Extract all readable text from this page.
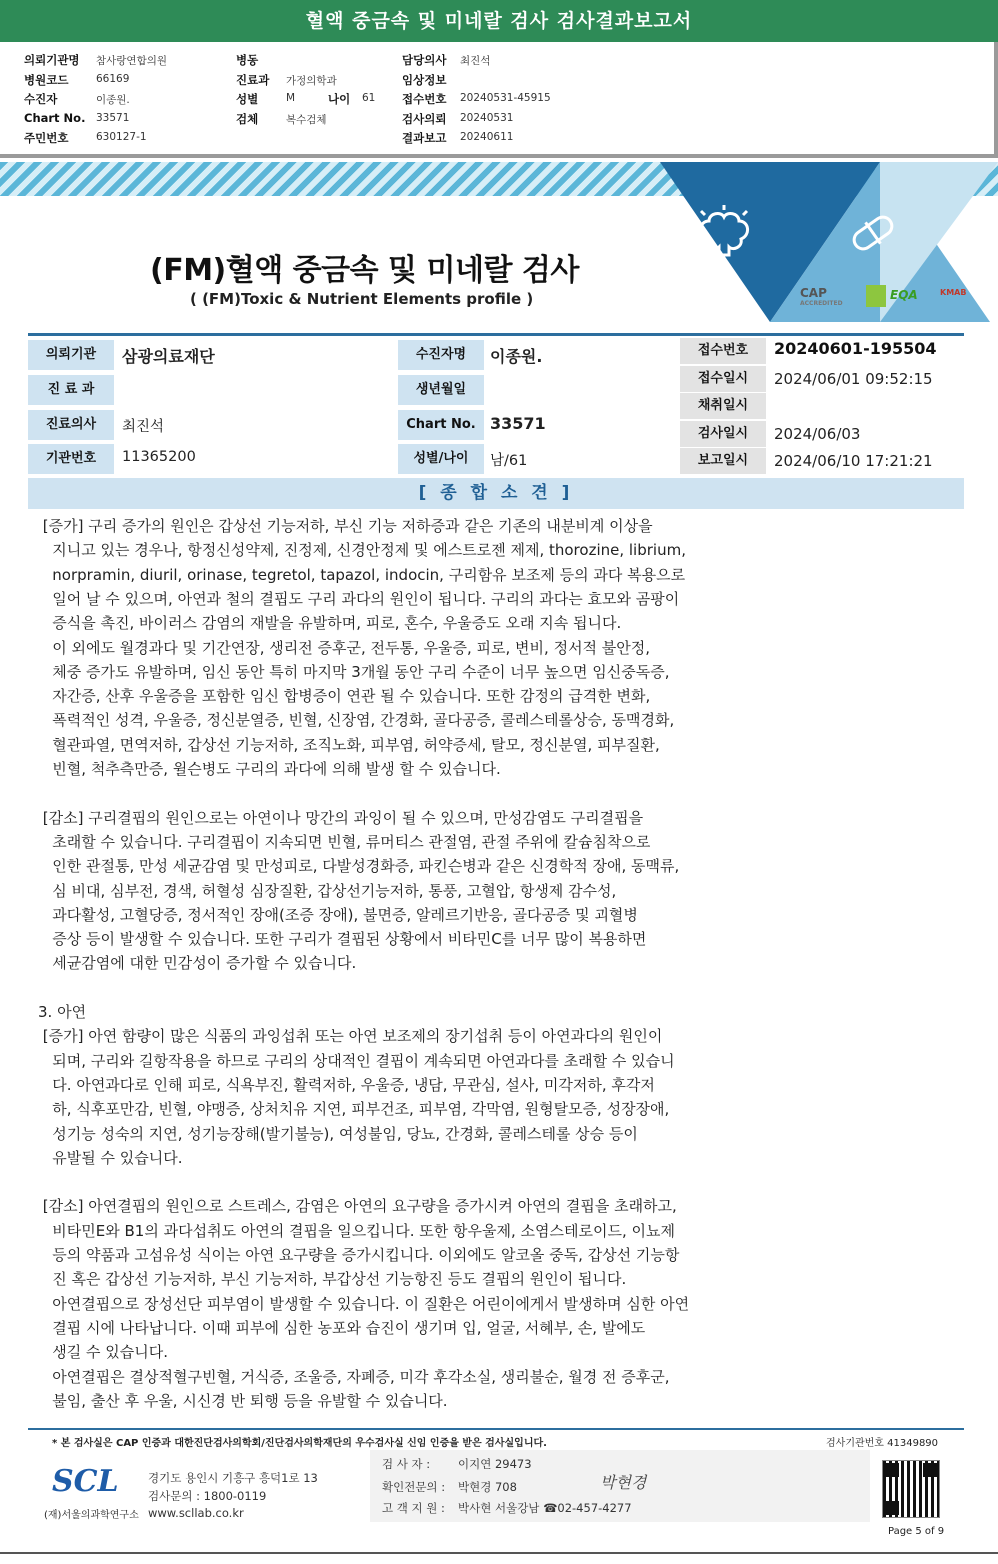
혈액 중금속 및 미네랄 검사 검사결과보고서
의뢰기관명 참사랑연합의원
병원코드	66169
수진자	이종원.
Chart No. 33571
주민번호	630127-1
병동
진료과 가정의학과
성별	M
검체	복수검체
담당의사 최진석
임상정보
접수번호 20240531-45915
검사의뢰 20240531
결과보고 20240611
나이 61
CAP
ACCREDITED
EQA	KMAB
(FM)혈액 중금속 및 미네랄 검사
( (FM)Toxic & Nutrient Elements profile )
의뢰기관	삼광의료재단
진 료 과
진료의사	최진석
기관번호	11365200
수진자명	이종원.
생년월일
Chart No. 33571
성별/나이	남/61
접수번호	20240601-195504
접수일시	2024/06/01 09:52:15
채취일시
검사일시	2024/06/03
보고일시	2024/06/10 17:21:21
[ 종 합 소 견 ]
[증가] 구리 증가의 원인은 갑상선 기능저하, 부신 기능 저하증과 같은 기존의 내분비계 이상을
지니고 있는 경우나, 항정신성약제, 진정제, 신경안정제 및 에스트로젠 제제, thorozine, librium,
norpramin, diuril, orinase, tegretol, tapazol, indocin, 구리함유 보조제 등의 과다 복용으로
일어 날 수 있으며, 아연과 철의 결핍도 구리 과다의 원인이 됩니다. 구리의 과다는 효모와 곰팡이
증식을 촉진, 바이러스 감염의 재발을 유발하며, 피로, 혼수, 우울증도 오래 지속 됩니다.
이 외에도 월경과다 및 기간연장, 생리전 증후군, 전두통, 우울증, 피로, 변비, 정서적 불안정,
체중 증가도 유발하며, 임신 동안 특히 마지막 3개월 동안 구리 수준이 너무 높으면 임신중독증,
자간증, 산후 우울증을 포함한 임신 합병증이 연관 될 수 있습니다. 또한 감정의 급격한 변화,
폭력적인 성격, 우울증, 정신분열증, 빈혈, 신장염, 간경화, 골다공증, 콜레스테롤상승, 동맥경화,
혈관파열, 면역저하, 갑상선 기능저하, 조직노화, 피부염, 허약증세, 탈모, 정신분열, 피부질환,
빈혈, 척추측만증, 윌슨병도 구리의 과다에 의해 발생 할 수 있습니다.
[감소] 구리결핍의 원인으로는 아연이나 망간의 과잉이 될 수 있으며, 만성감염도 구리결핍을
초래할 수 있습니다. 구리결핍이 지속되면 빈혈, 류머티스 관절염, 관절 주위에 칼슘침착으로
인한 관절통, 만성 세균감염 및 만성피로, 다발성경화증, 파킨슨병과 같은 신경학적 장애, 동맥류,
심 비대, 심부전, 경색, 허혈성 심장질환, 갑상선기능저하, 통풍, 고혈압, 항생제 감수성,
과다활성, 고혈당증, 정서적인 장애(조증 장애), 불면증, 알레르기반응, 골다공증 및 괴혈병
증상 등이 발생할 수 있습니다. 또한 구리가 결핍된 상황에서 비타민C를 너무 많이 복용하면
세균감염에 대한 민감성이 증가할 수 있습니다.
3. 아연
[증가] 아연 함량이 많은 식품의 과잉섭취 또는 아연 보조제의 장기섭취 등이 아연과다의 원인이
되며, 구리와 길항작용을 하므로 구리의 상대적인 결핍이 계속되면 아연과다를 초래할 수 있습니
다. 아연과다로 인해 피로, 식욕부진, 활력저하, 우울증, 냉담, 무관심, 설사, 미각저하, 후각저
하, 식후포만감, 빈혈, 야맹증, 상처치유 지연, 피부건조, 피부염, 각막염, 원형탈모증, 성장장애,
성기능 성숙의 지연, 성기능장해(발기불능), 여성불임, 당뇨, 간경화, 콜레스테롤 상승 등이
유발될 수 있습니다.
[감소] 아연결핍의 원인으로 스트레스, 감염은 아연의 요구량을 증가시켜 아연의 결핍을 초래하고,
비타민E와 B1의 과다섭취도 아연의 결핍을 일으킵니다. 또한 항우울제, 소염스테로이드, 이뇨제
등의 약품과 고섬유성 식이는 아연 요구량을 증가시킵니다. 이외에도 알코올 중독, 갑상선 기능항
진 혹은 갑상선 기능저하, 부신 기능저하, 부갑상선 기능항진 등도 결핍의 원인이 됩니다.
아연결핍으로 장성선단 피부염이 발생할 수 있습니다. 이 질환은 어린이에게서 발생하며 심한 아연
결핍 시에 나타납니다. 이때 피부에 심한 농포와 습진이 생기며 입, 얼굴, 서혜부, 손, 발에도
생길 수 있습니다.
아연결핍은 결상적혈구빈혈, 거식증, 조울증, 자폐증, 미각 후각소실, 생리불순, 월경 전 증후군,
불임, 출산 후 우울, 시신경 반 퇴행 등을 유발할 수 있습니다.
* 본 검사실은 CAP 인증과 대한진단검사의학회/진단검사의학재단의 우수검사실 신임 인증을 받은 검사실입니다.	검사기관번호 41349890
SCL
(재)서울의과학연구소
경기도 용인시 기흥구 흥덕1로 13
검사문의 : 1800-0119
www.scllab.co.kr
검 사 자 : 이지연 29473
확인전문의 : 박현경 708
고 객 지 원 : 박사현 서울강남 ☎02-457-4277
박현경
Page 5 of 9
